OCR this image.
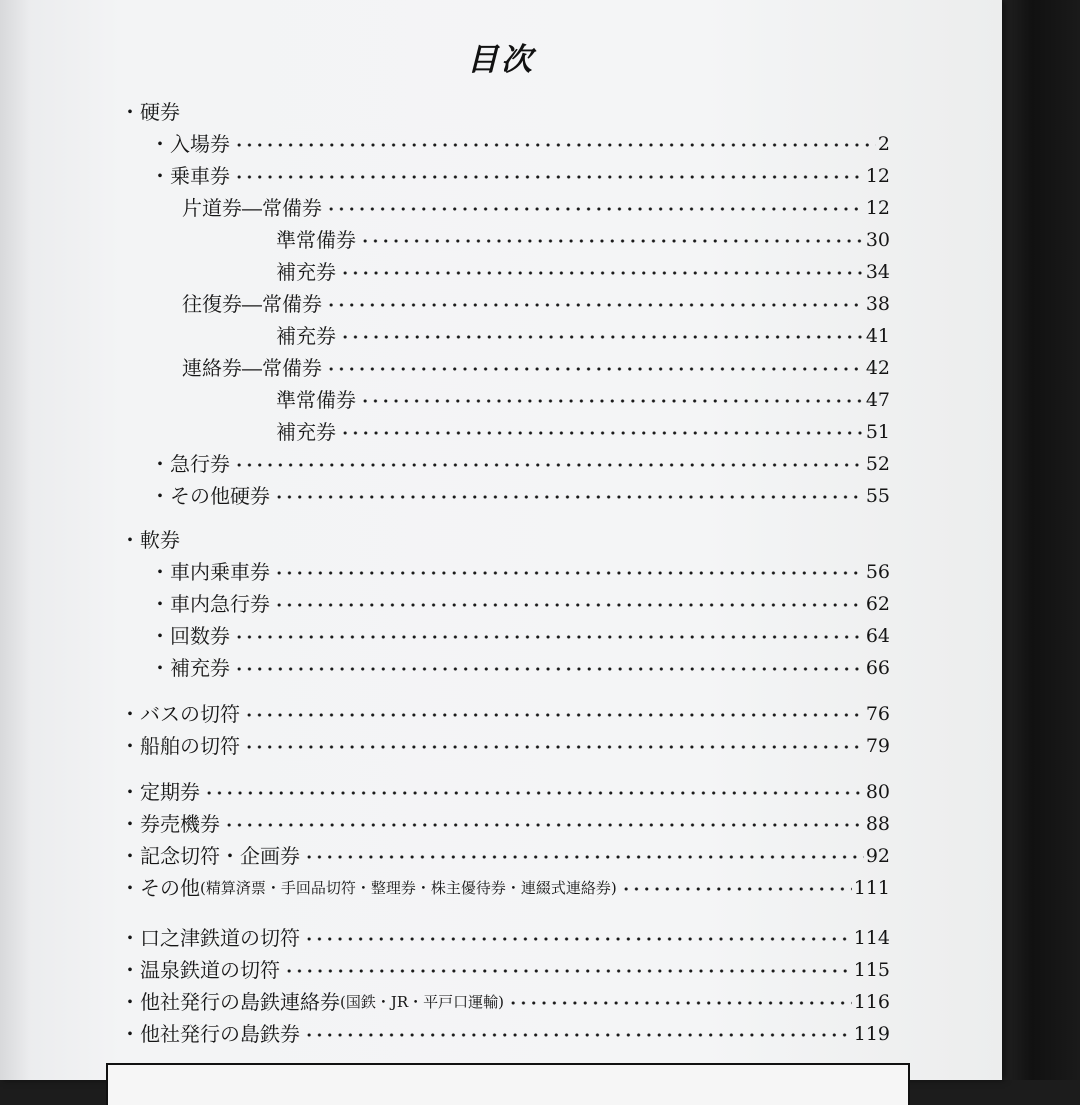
目次
・硬券
・入場券	2
・乗車券	12
片道券―常備券	12
準常備券	30
補充券	34
往復券―常備券	38
補充券	41
連絡券―常備券	42
準常備券	47
補充券	51
・急行券	52
・その他硬券	55
・軟券
・車内乗車券	56
・車内急行券	62
・回数券	64
・補充券	66
・バスの切符	76
・船舶の切符	79
・定期券	80
・券売機券	88
・記念切符・企画券	92
・その他 (精算済票・手回品切符・整理券・株主優待券・連綴式連絡券)	111
・口之津鉄道の切符	114
・温泉鉄道の切符	115
・他社発行の島鉄連絡券 (国鉄・JR・平戸口運輸)	116
・他社発行の島鉄券	119
